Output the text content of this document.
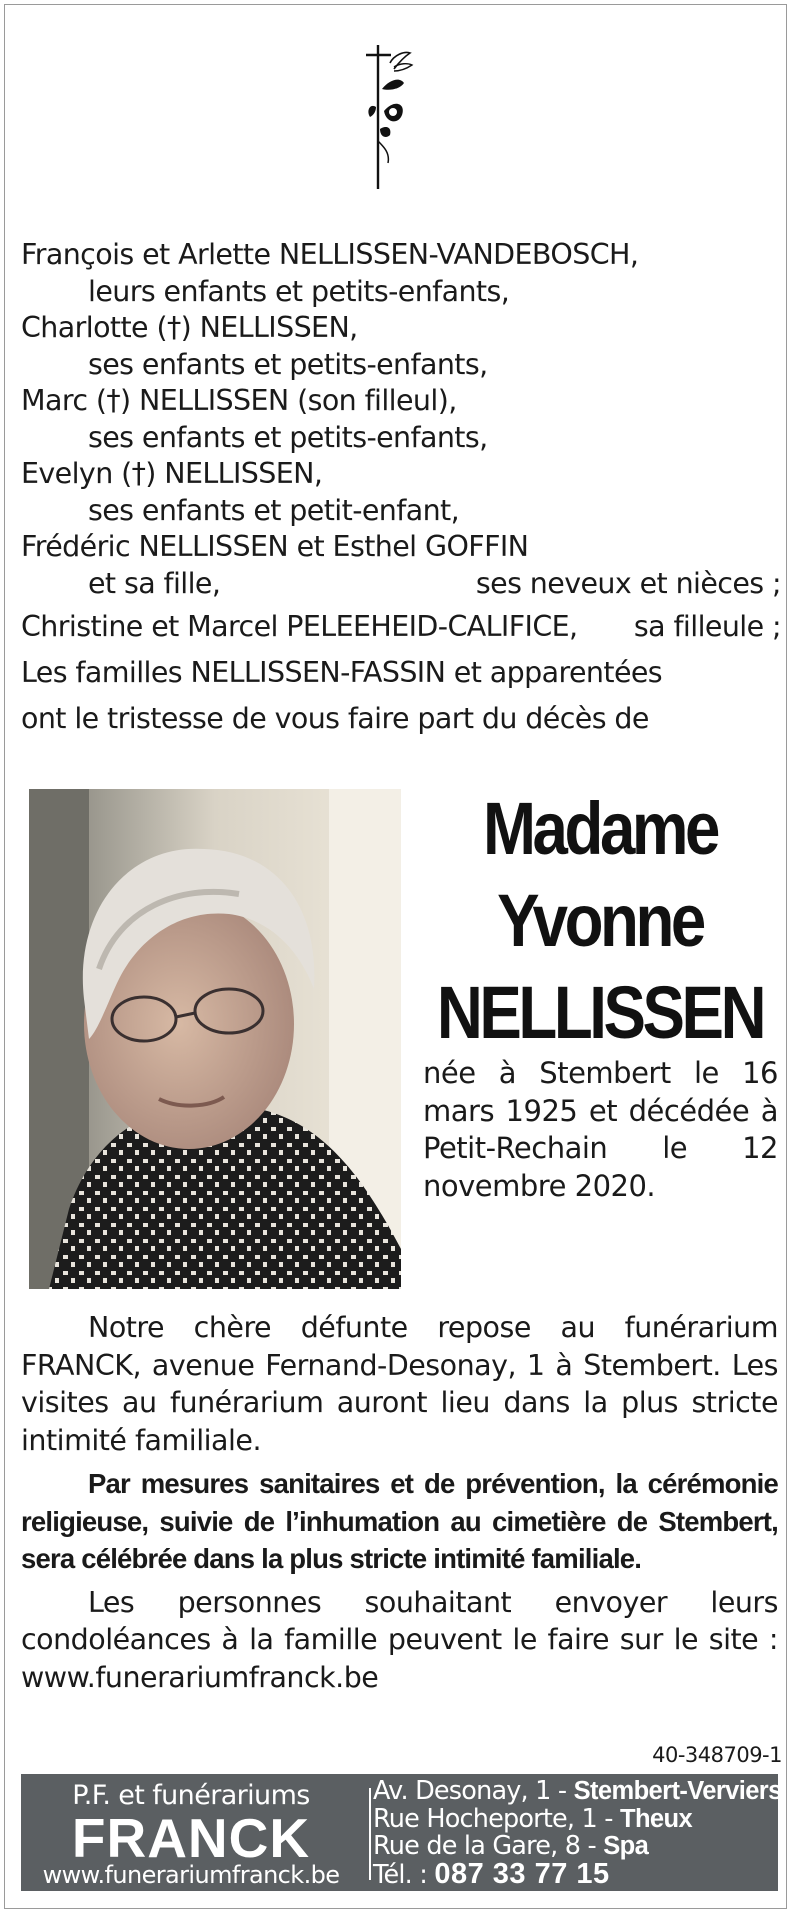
François et Arlette NELLISSEN-VANDEBOSCH,
leurs enfants et petits-enfants,
Charlotte (†) NELLISSEN,
ses enfants et petits-enfants,
Marc (†) NELLISSEN (son filleul),
ses enfants et petits-enfants,
Evelyn (†) NELLISSEN,
ses enfants et petit-enfant,
Frédéric NELLISSEN et Esthel GOFFIN
et sa fille,	ses neveux et nièces ;
Christine et Marcel PELEEHEID-CALIFICE, sa filleule ;
Les familles NELLISSEN-FASSIN et apparentées
ont le tristesse de vous faire part du décès de
Madame
Yvonne
NELLISSEN
née à Stembert le 16 mars 1925 et décédée à Petit-Rechain le 12 novembre 2020.

Notre chère défunte repose au funérarium FRANCK, avenue Fernand-Desonay, 1 à Stembert. Les visites au funérarium auront lieu dans la plus stricte intimité familiale.

Par mesures sanitaires et de prévention, la cérémonie religieuse, suivie de l’inhumation au cimetière de Stembert, sera célébrée dans la plus stricte intimité familiale.

Les personnes souhaitant envoyer leurs condoléances à la famille peuvent le faire sur le site : www.funerariumfranck.be

40-348709-1
P.F. et funérariums
FRANCK
www.funerariumfranck.be
Av. Desonay, 1 - Stembert-Verviers
Rue Hocheporte, 1 - Theux
Rue de la Gare, 8 - Spa
Tél. : 087 33 77 15
